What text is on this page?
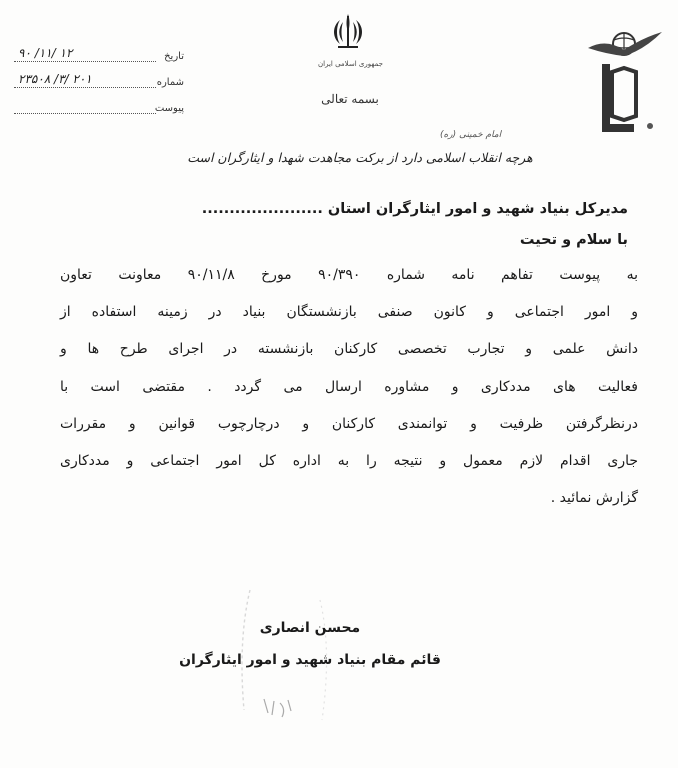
تاریخ
۹۰ /۱۱/ ۱۲
شماره
۲۳۵۰۸ /۳/ ۲۰۱
پیوست
جمهوری اسلامی ایران
بسمه تعالی
امام خمینی (ره)
هرچه انقلاب اسلامی دارد از برکت مجاهدت شهدا و ایثارگران است
مدیرکل بنیاد شهید و امور ایثارگران استان ......................
با سلام و تحیت
به پیوست تفاهم نامه شماره ۹۰/۳۹۰ مورخ ۹۰/۱۱/۸ معاونت تعاون
و امور اجتماعی و کانون صنفی بازنشستگان بنیاد در زمینه استفاده از
دانش علمی و تجارب تخصصی کارکنان بازنشسته در اجرای طرح ها و
فعالیت های مددکاری و مشاوره ارسال می گردد . مقتضی است با
درنظرگرفتن ظرفیت و توانمندی کارکنان و درچارچوب قوانین و مقررات
جاری اقدام لازم معمول و نتیجه را به اداره کل امور اجتماعی و مددکاری
گزارش نمائید .
محسن انصاری
قائم مقام بنیاد شهید و امور ایثارگران
